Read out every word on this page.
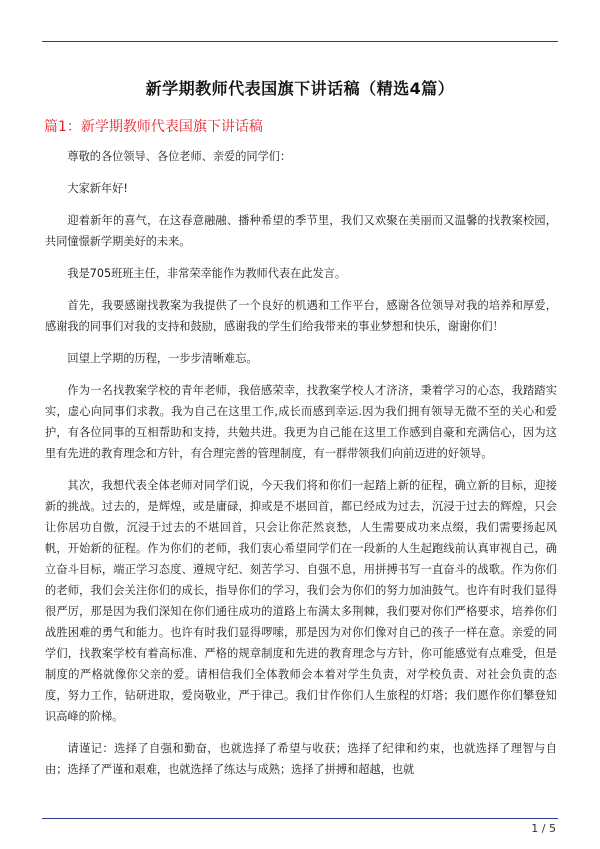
新学期教师代表国旗下讲话稿（精选4篇）
篇1：新学期教师代表国旗下讲话稿

尊敬的各位领导、各位老师、亲爱的同学们：

大家新年好!

迎着新年的喜气，在这春意融融、播种希望的季节里，我们又欢聚在美丽而又温馨的找教案校园，共同憧憬新学期美好的未来。

我是705班班主任，非常荣幸能作为教师代表在此发言。

首先，我要感谢找教案为我提供了一个良好的机遇和工作平台，感谢各位领导对我的培养和厚爱，感谢我的同事们对我的支持和鼓励，感谢我的学生们给我带来的事业梦想和快乐，谢谢你们！

回望上学期的历程，一步步清晰难忘。

作为一名找教案学校的青年老师，我倍感荣幸，找教案学校人才济济，秉着学习的心态，我踏踏实实，虚心向同事们求教。我为自己在这里工作,成长而感到幸运.因为我们拥有领导无微不至的关心和爱护，有各位同事的互相帮助和支持，共勉共进。我更为自己能在这里工作感到自豪和充满信心，因为这里有先进的教育理念和方针，有合理完善的管理制度，有一群带领我们向前迈进的好领导。

其次，我想代表全体老师对同学们说，今天我们将和你们一起踏上新的征程，确立新的目标，迎接新的挑战。过去的，是辉煌，或是庸碌，抑或是不堪回首，都已经成为过去，沉浸于过去的辉煌，只会让你居功自傲，沉浸于过去的不堪回首，只会让你茫然哀愁，人生需要成功来点缀，我们需要扬起风帆，开始新的征程。作为你们的老师，我们衷心希望同学们在一段新的人生起跑线前认真审视自己，确立奋斗目标，端正学习态度、遵规守纪、刻苦学习、自强不息，用拼搏书写一直奋斗的战歌。作为你们的老师，我们会关注你们的成长，指导你们的学习，我们会为你们的努力加油鼓气。也许有时我们显得很严厉，那是因为我们深知在你们通往成功的道路上布满太多荆棘，我们要对你们严格要求，培养你们战胜困难的勇气和能力。也许有时我们显得啰嗦，那是因为对你们像对自己的孩子一样在意。亲爱的同学们，找教案学校有着高标准、严格的规章制度和先进的教育理念与方针，你可能感觉有点难受，但是制度的严格就像你父亲的爱。请相信我们全体教师会本着对学生负责，对学校负责、对社会负责的态度，努力工作，钻研进取，爱岗敬业，严于律己。我们甘作你们人生旅程的灯塔；我们愿作你们攀登知识高峰的阶梯。

请谨记：选择了自强和勤奋，也就选择了希望与收获；选择了纪律和约束，也就选择了理智与自由；选择了严谨和艰难，也就选择了练达与成熟；选择了拼搏和超越，也就

1 / 5
